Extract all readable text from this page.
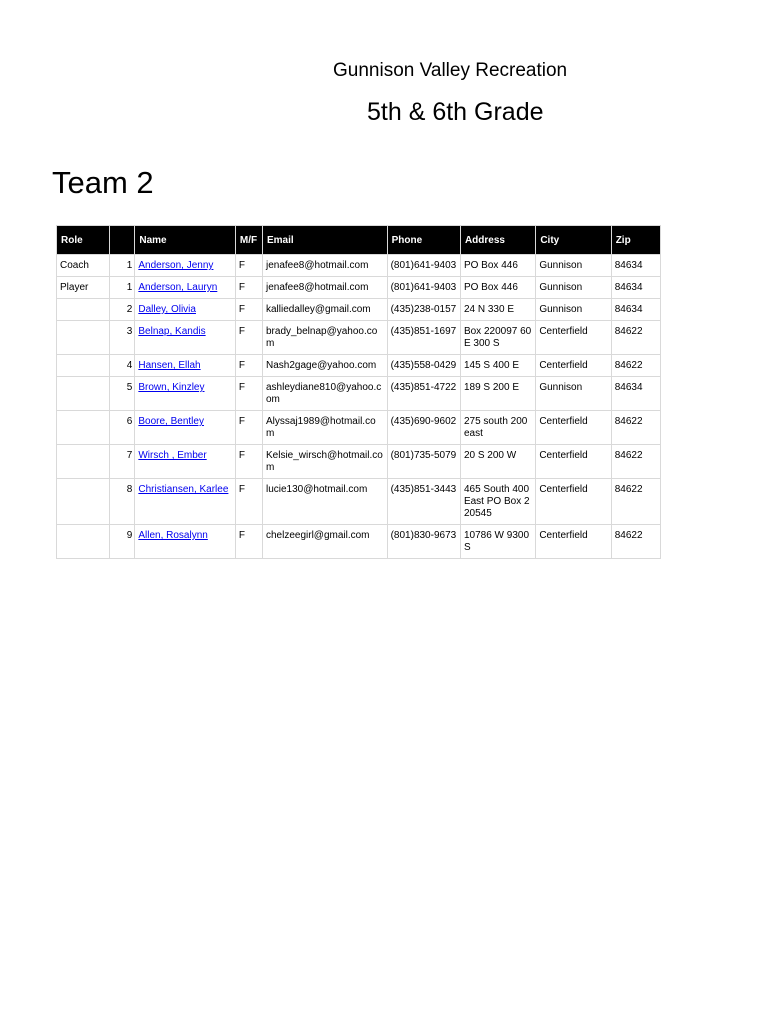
Gunnison Valley Recreation
5th & 6th Grade
Team 2
Role		Name	M/F	Email	Phone	Address	City	Zip
Coach	1	Anderson, Jenny	F	jenafee8@hotmail.com	(801)641-9403	PO Box 446	Gunnison	84634
Player	1	Anderson, Lauryn	F	jenafee8@hotmail.com	(801)641-9403	PO Box 446	Gunnison	84634
	2	Dalley, Olivia	F	kalliedalley@gmail.com	(435)238-0157	24 N 330 E	Gunnison	84634
	3	Belnap, Kandis	F	brady_belnap@yahoo.com	(435)851-1697	Box 220097 60 E 300 S	Centerfield	84622
	4	Hansen, Ellah	F	Nash2gage@yahoo.com	(435)558-0429	145 S 400 E	Centerfield	84622
	5	Brown, Kinzley	F	ashleydiane810@yahoo.com	(435)851-4722	189 S 200 E	Gunnison	84634
	6	Boore, Bentley	F	Alyssaj1989@hotmail.com	(435)690-9602	275 south 200 east	Centerfield	84622
	7	Wirsch , Ember	F	Kelsie_wirsch@hotmail.com	(801)735-5079	20 S 200 W	Centerfield	84622
	8	Christiansen, Karlee	F	lucie130@hotmail.com	(435)851-3443	465 South 400 East PO Box 220545	Centerfield	84622
	9	Allen, Rosalynn	F	chelzeegirl@gmail.com	(801)830-9673	10786 W 9300 S	Centerfield	84622
